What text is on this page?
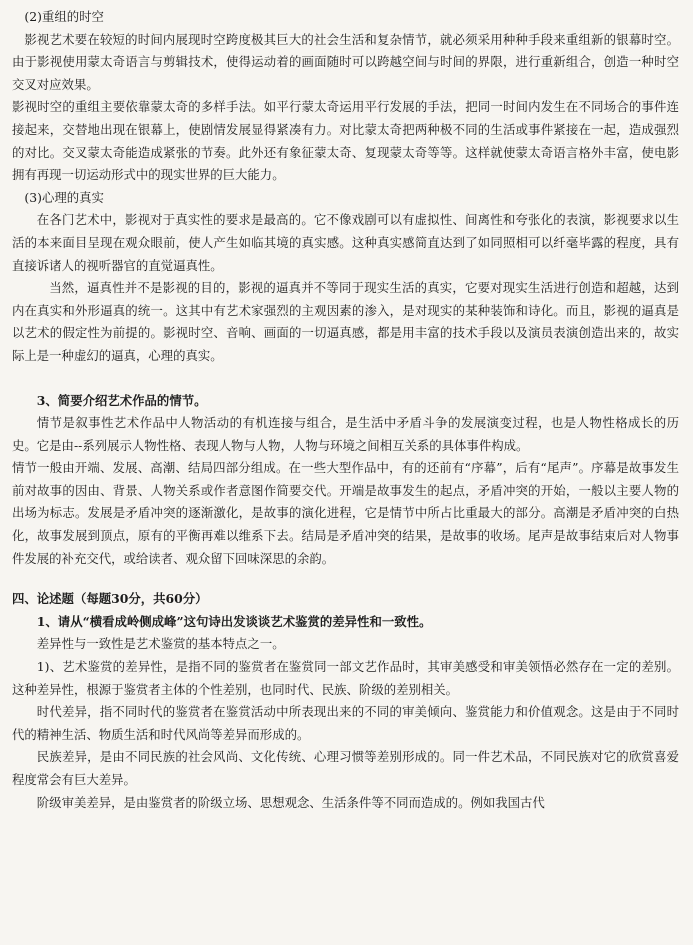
(2)重组的时空

影视艺术要在较短的时间内展现时空跨度极其巨大的社会生活和复杂情节，就必须采用种种手段来重组新的银幕时空。由于影视使用蒙太奇语言与剪辑技术，使得运动着的画面随时可以跨越空间与时间的界限，进行重新组合，创造一种时空交叉对应效果。

影视时空的重组主要依靠蒙太奇的多样手法。如平行蒙太奇运用平行发展的手法，把同一时间内发生在不同场合的事件连接起来，交替地出现在银幕上，使剧情发展显得紧凑有力。对比蒙太奇把两种极不同的生活或事件紧接在一起，造成强烈的对比。交叉蒙太奇能造成紧张的节奏。此外还有象征蒙太奇、复现蒙太奇等等。这样就使蒙太奇语言格外丰富，使电影拥有再现一切运动形式中的现实世界的巨大能力。

(3)心理的真实

在各门艺术中，影视对于真实性的要求是最高的。它不像戏剧可以有虚拟性、间离性和夸张化的表演，影视要求以生活的本来面目呈现在观众眼前，使人产生如临其境的真实感。这种真实感简直达到了如同照相可以纤毫毕露的程度，具有直接诉诸人的视听器官的直觉逼真性。

当然，逼真性并不是影视的目的，影视的逼真并不等同于现实生活的真实，它要对现实生活进行创造和超越，达到内在真实和外形逼真的统一。这其中有艺术家强烈的主观因素的渗入，是对现实的某种装饰和诗化。而且，影视的逼真是以艺术的假定性为前提的。影视时空、音响、画面的一切逼真感，都是用丰富的技术手段以及演员表演创造出来的，故实际上是一种虚幻的逼真，心理的真实。

3、简要介绍艺术作品的情节。

情节是叙事性艺术作品中人物活动的有机连接与组合，是生活中矛盾斗争的发展演变过程，也是人物性格成长的历史。它是由--系列展示人物性格、表现人物与人物，人物与环境之间相互关系的具体事件构成。

情节一般由开端、发展、高潮、结局四部分组成。在一些大型作品中，有的还前有“序幕”，后有“尾声”。序幕是故事发生前对故事的因由、背景、人物关系或作者意图作简要交代。开端是故事发生的起点，矛盾冲突的开始，一般以主要人物的出场为标志。发展是矛盾冲突的逐渐激化，是故事的演化进程，它是情节中所占比重最大的部分。高潮是矛盾冲突的白热化，故事发展到顶点，原有的平衡再难以维系下去。结局是矛盾冲突的结果，是故事的收场。尾声是故事结束后对人物事件发展的补充交代，或给读者、观众留下回味深思的余韵。

四、论述题（每题30分，共60分）

1、请从“横看成岭侧成峰”这句诗出发谈谈艺术鉴赏的差异性和一致性。

差异性与一致性是艺术鉴赏的基本特点之一。

1)、艺术鉴赏的差异性，是指不同的鉴赏者在鉴赏同一部文艺作品时，其审美感受和审美领悟必然存在一定的差别。这种差异性，根源于鉴赏者主体的个性差别，也同时代、民族、阶级的差别相关。

时代差异，指不同时代的鉴赏者在鉴赏活动中所表现出来的不同的审美倾向、鉴赏能力和价值观念。这是由于不同时代的精神生活、物质生活和时代风尚等差异而形成的。

民族差异，是由不同民族的社会风尚、文化传统、心理习惯等差别形成的。同一件艺术品，不同民族对它的欣赏喜爱程度常会有巨大差异。

阶级审美差异，是由鉴赏者的阶级立场、思想观念、生活条件等不同而造成的。例如我国古代
